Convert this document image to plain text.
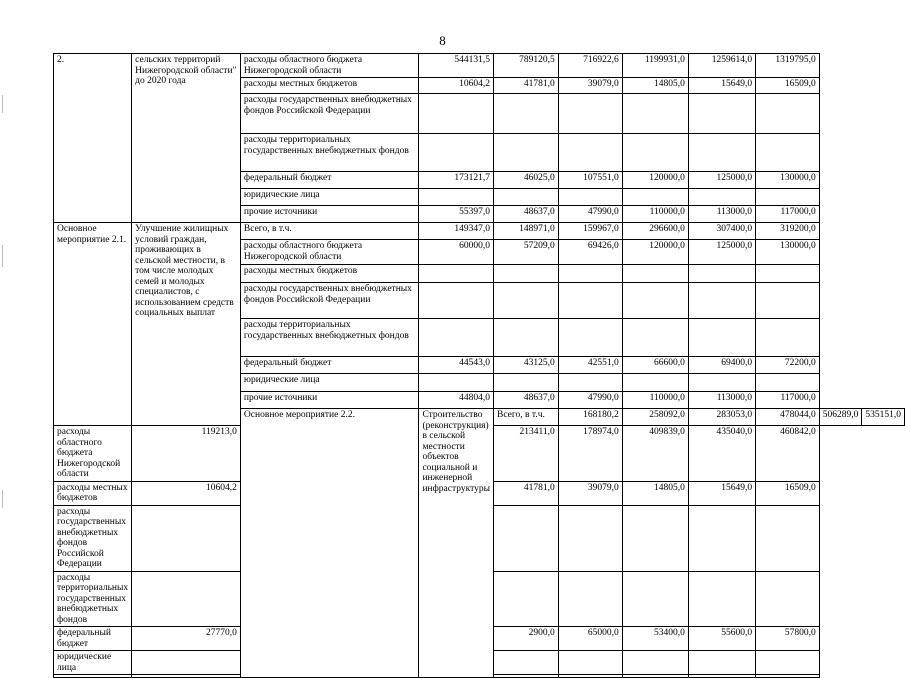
8
2.	сельских территорий Нижегородской области" до 2020 года	расходы областного бюджета Нижегородской области	544131,5	789120,5	716922,6	1199931,0	1259614,0	1319795,0		
		расходы местных бюджетов	10604,2	41781,0	39079,0	14805,0	15649,0	16509,0		
		расходы государственных внебюджетных фондов Российской Федерации								
		расходы территориальных государственных внебюджетных фондов								
		федеральный бюджет	173121,7	46025,0	107551,0	120000,0	125000,0	130000,0		
		юридические лица								
		прочие источники	55397,0	48637,0	47990,0	110000,0	113000,0	117000,0		
Основное мероприятие 2.1.	Улучшение жилищных условий граждан, проживающих в сельской местности, в том числе молодых семей и молодых специалистов, с использованием средств социальных выплат	Всего, в т.ч.	149347,0	148971,0	159967,0	296600,0	307400,0	319200,0		
		расходы областного бюджета Нижегородской области	60000,0	57209,0	69426,0	120000,0	125000,0	130000,0		
		расходы местных бюджетов								
		расходы государственных внебюджетных фондов Российской Федерации								
		расходы территориальных государственных внебюджетных фондов								
		федеральный бюджет	44543,0	43125,0	42551,0	66600,0	69400,0	72200,0		
		юридические лица								
		прочие источники	44804,0	48637,0	47990,0	110000,0	113000,0	117000,0		
		Основное мероприятие 2.2.	Строительство (реконструкция) в сельской местности объектов социальной и инженерной инфраструктуры	Всего, в т.ч.	168180,2	258092,0	283053,0	478044,0	506289,0	535151,0
расходы областного бюджета Нижегородской области	119213,0			213411,0	178974,0	409839,0	435040,0	460842,0		
расходы местных бюджетов	10604,2			41781,0	39079,0	14805,0	15649,0	16509,0		
расходы государственных внебюджетных фондов Российской Федерации										
расходы территориальных государственных внебюджетных фондов										
федеральный бюджет	27770,0			2900,0	65000,0	53400,0	55600,0	57800,0		
юридические лица										
